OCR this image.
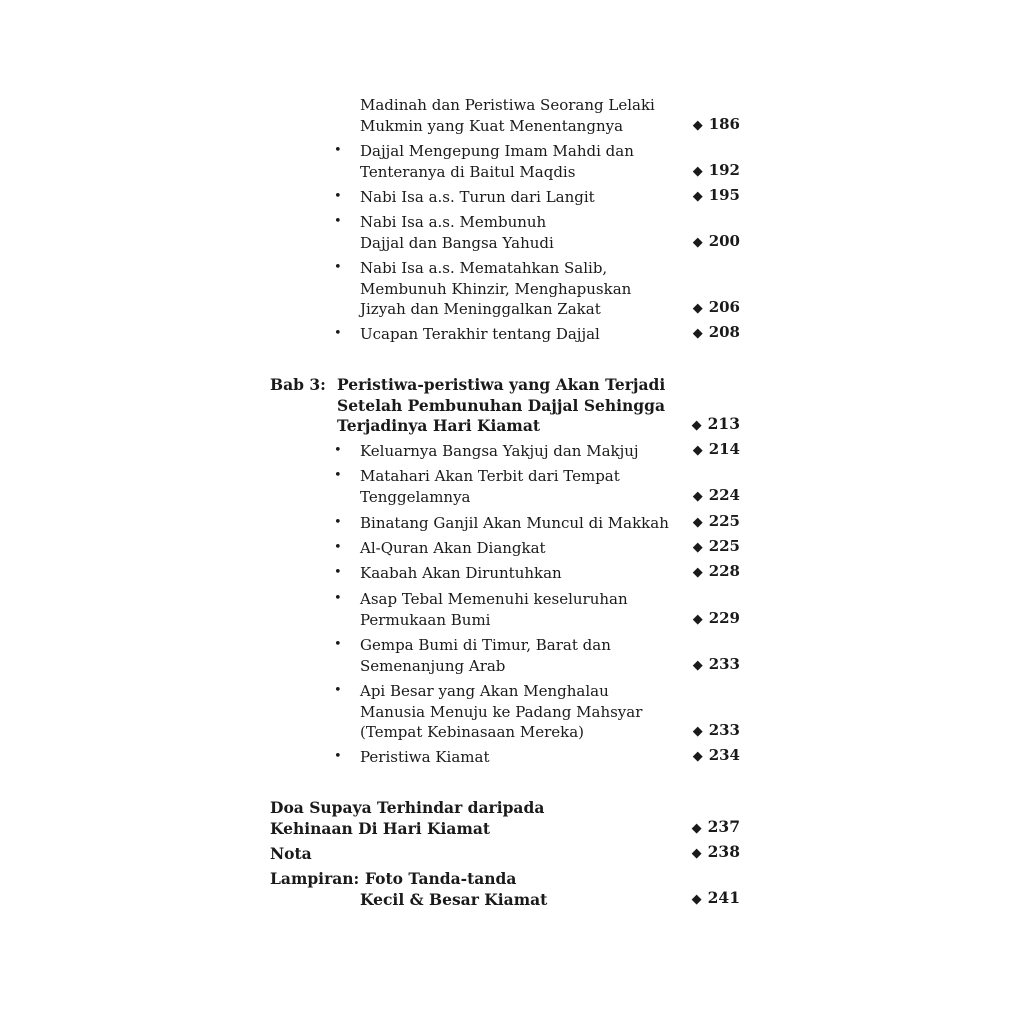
Madinah dan Peristiwa Seorang Lelaki
Mukmin yang Kuat Menentangnya	◆ 186
• Dajjal Mengepung Imam Mahdi dan
Tenteranya di Baitul Maqdis	◆ 192
• Nabi Isa a.s. Turun dari Langit	◆ 195
• Nabi Isa a.s. Membunuh
Dajjal dan Bangsa Yahudi	◆ 200
• Nabi Isa a.s. Mematahkan Salib,
Membunuh Khinzir, Menghapuskan
Jizyah dan Meninggalkan Zakat	◆ 206
• Ucapan Terakhir tentang Dajjal	◆ 208
Bab 3: Peristiwa-peristiwa yang Akan Terjadi
Setelah Pembunuhan Dajjal Sehingga
Terjadinya Hari Kiamat	◆ 213
• Keluarnya Bangsa Yakjuj dan Makjuj	◆ 214
• Matahari Akan Terbit dari Tempat
Tenggelamnya	◆ 224
• Binatang Ganjil Akan Muncul di Makkah	◆ 225
• Al-Quran Akan Diangkat	◆ 225
• Kaabah Akan Diruntuhkan	◆ 228
• Asap Tebal Memenuhi keseluruhan
Permukaan Bumi	◆ 229
• Gempa Bumi di Timur, Barat dan
Semenanjung Arab	◆ 233
• Api Besar yang Akan Menghalau
Manusia Menuju ke Padang Mahsyar
(Tempat Kebinasaan Mereka)	◆ 233
• Peristiwa Kiamat	◆ 234
Doa Supaya Terhindar daripada
Kehinaan Di Hari Kiamat	◆ 237
Nota	◆ 238
Lampiran: Foto Tanda-tanda
Kecil & Besar Kiamat	◆ 241
